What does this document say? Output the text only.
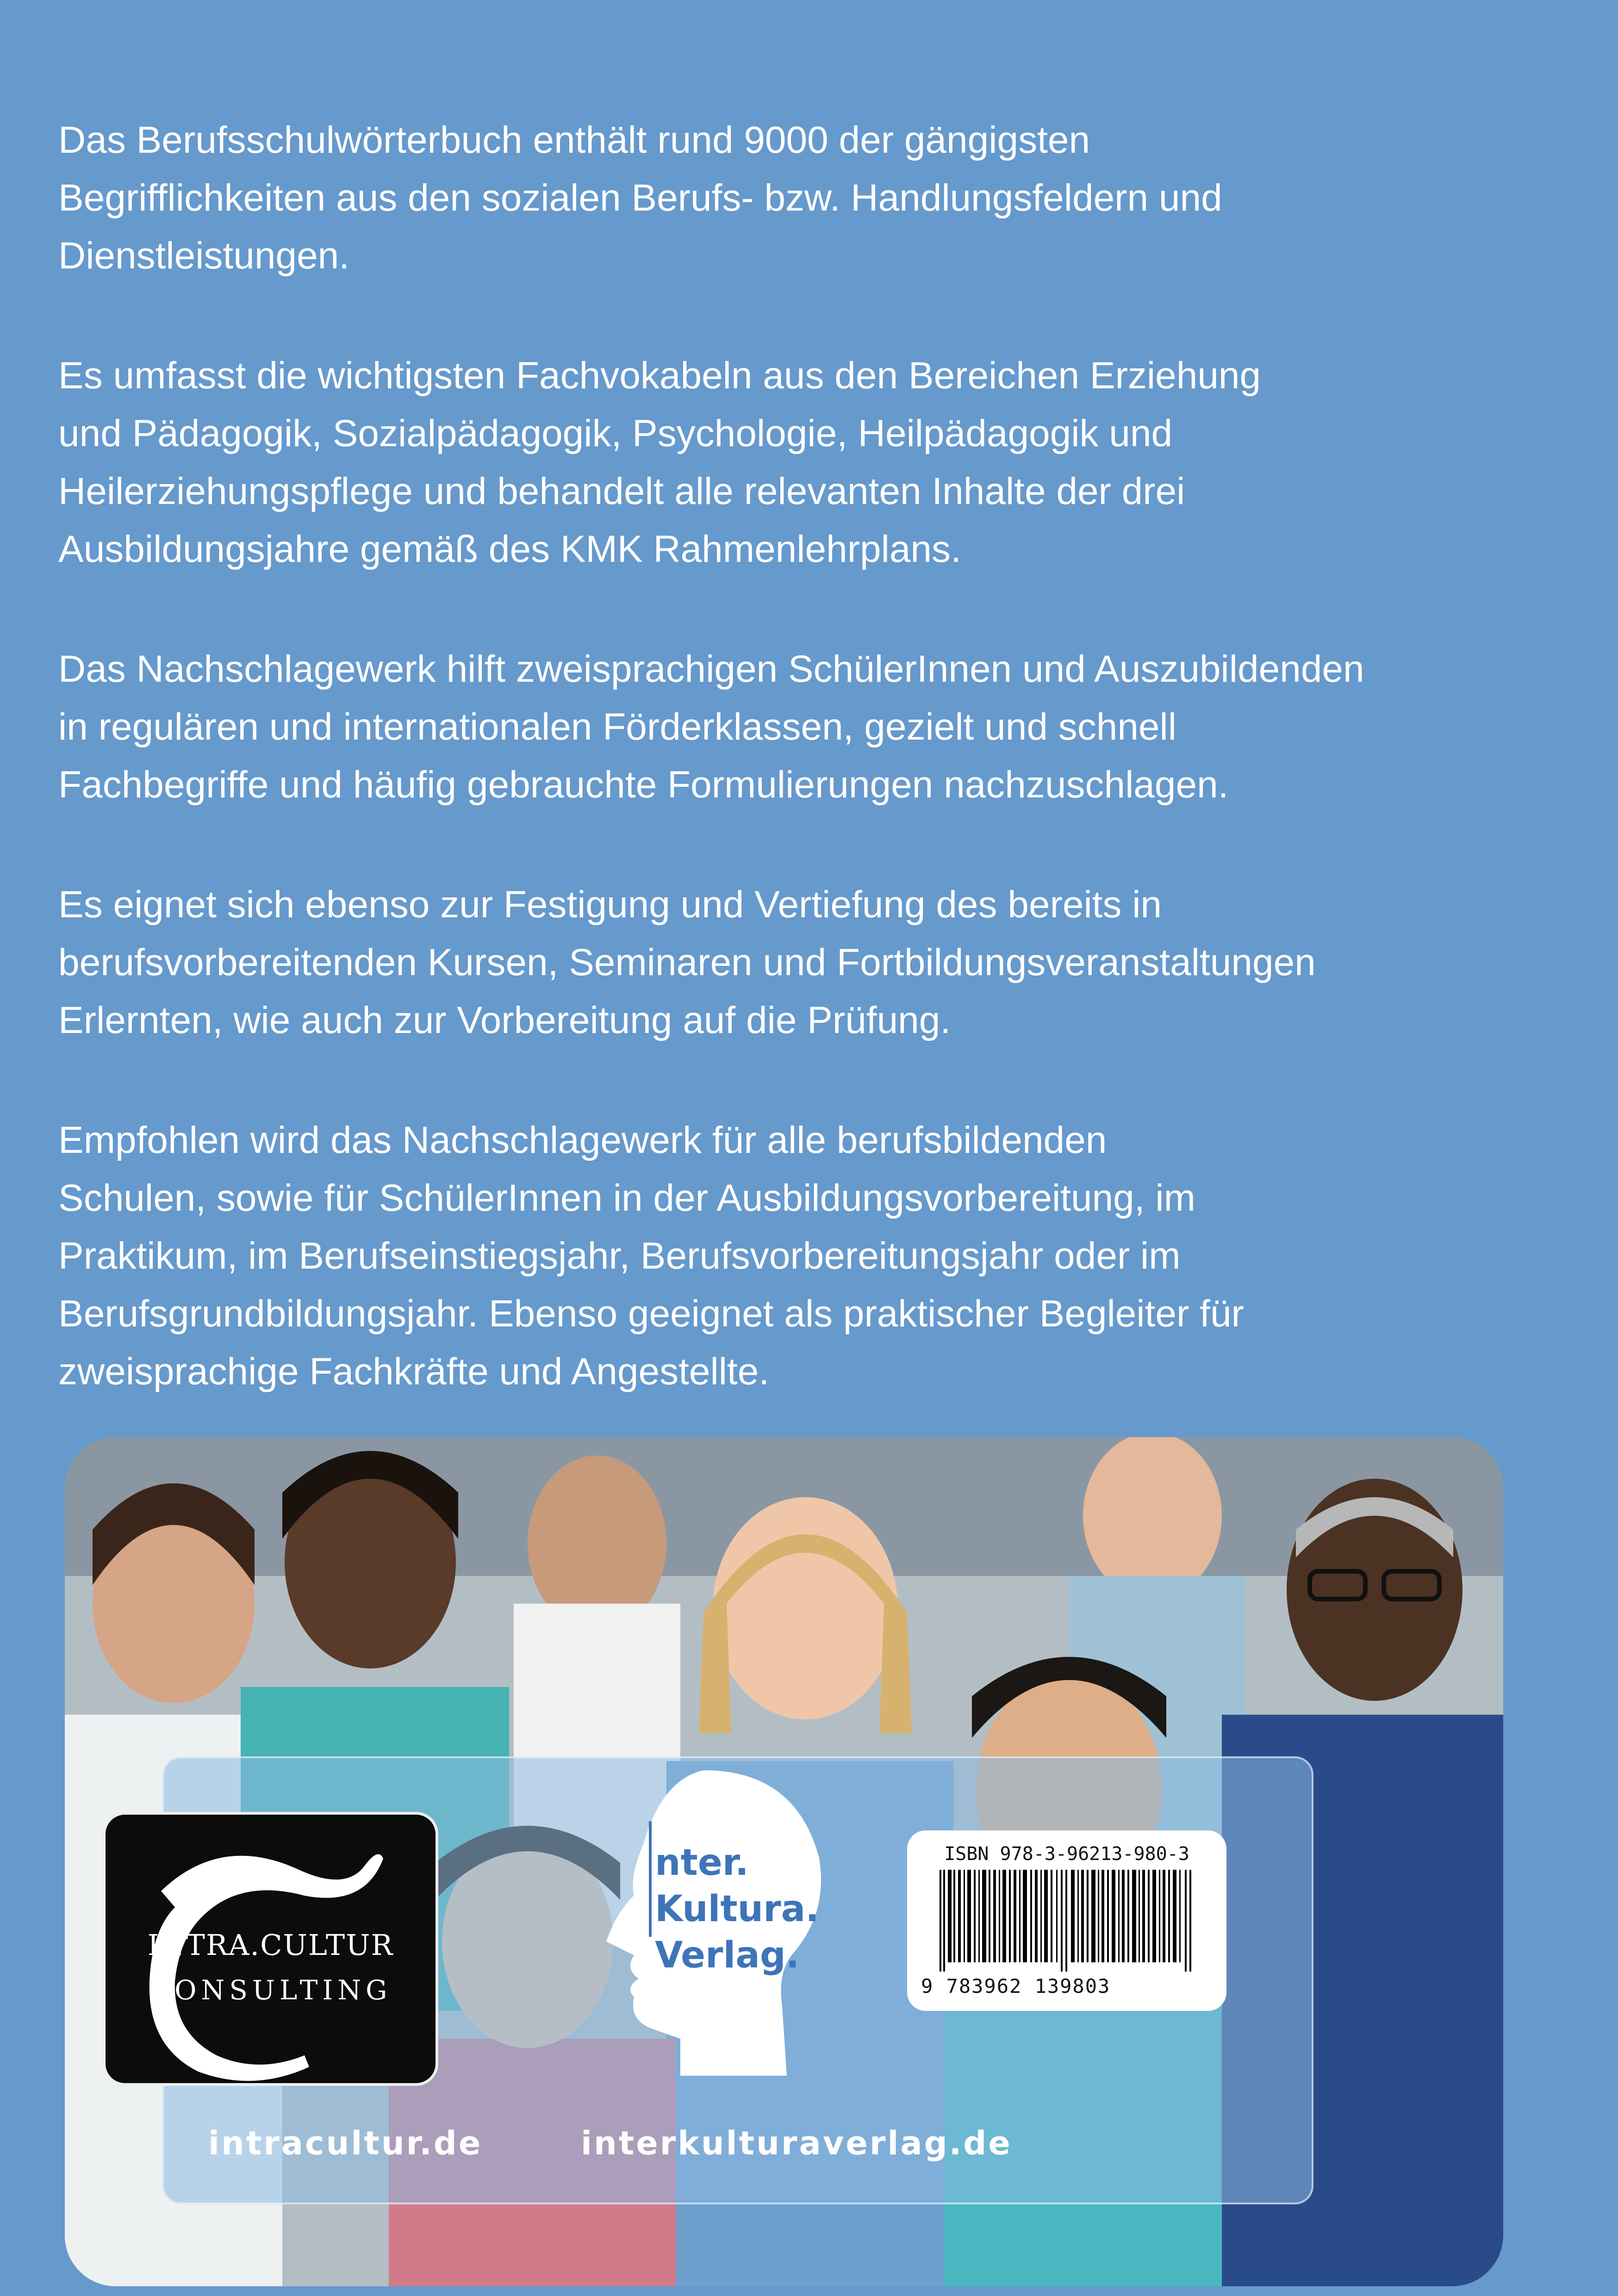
Das Berufsschulwörterbuch enthält rund 9000 der gängigsten
Begrifflichkeiten aus den sozialen Berufs- bzw. Handlungsfeldern und
Dienstleistungen.

Es umfasst die wichtigsten Fachvokabeln aus den Bereichen Erziehung
und Pädagogik, Sozialpädagogik, Psychologie, Heilpädagogik und
Heilerziehungspflege und behandelt alle relevanten Inhalte der drei
Ausbildungsjahre gemäß des KMK Rahmenlehrplans.

Das Nachschlagewerk hilft zweisprachigen SchülerInnen und Auszubildenden
in regulären und internationalen Förderklassen, gezielt und schnell
Fachbegriffe und häufig gebrauchte Formulierungen nachzuschlagen.

Es eignet sich ebenso zur Festigung und Vertiefung des bereits in
berufsvorbereitenden Kursen, Seminaren und Fortbildungsveranstaltungen
Erlernten, wie auch zur Vorbereitung auf die Prüfung.

Empfohlen wird das Nachschlagewerk für alle berufsbildenden
Schulen, sowie für SchülerInnen in der Ausbildungsvorbereitung, im
Praktikum, im Berufseinstiegsjahr, Berufsvorbereitungsjahr oder im
Berufsgrundbildungsjahr. Ebenso geeignet als praktischer Begleiter für
zweisprachige Fachkräfte und Angestellte.

INTRA.CULTUR
CONSULTING
nter.
Kultura.
Verlag.
ISBN 978-3-96213-980-3
9 783962 139803
intracultur.de	interkulturaverlag.de
